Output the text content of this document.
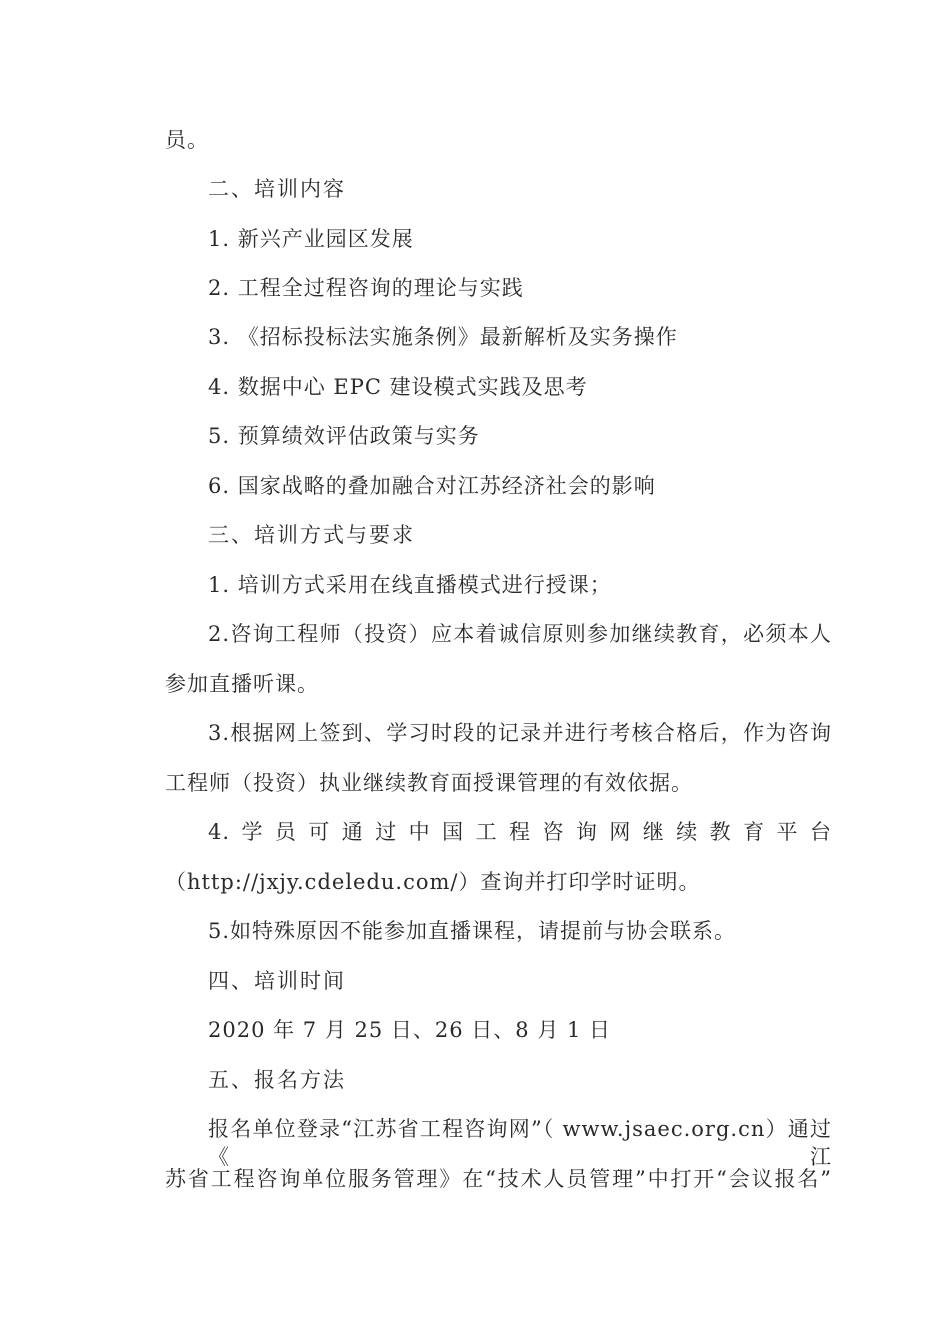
员。

二、培训内容

1. 新兴产业园区发展

2. 工程全过程咨询的理论与实践

3. 《招标投标法实施条例》最新解析及实务操作

4. 数据中心 EPC 建设模式实践及思考

5. 预算绩效评估政策与实务

6. 国家战略的叠加融合对江苏经济社会的影响

三、培训方式与要求

1. 培训方式采用在线直播模式进行授课；

2.咨询工程师（投资）应本着诚信原则参加继续教育，必须本人

参加直播听课。

3.根据网上签到、学习时段的记录并进行考核合格后，作为咨询

工程师（投资）执业继续教育面授课管理的有效依据。

4.学员可通过中国工程咨询网继续教育平台

（http://jxjy.cdeledu.com/）查询并打印学时证明。

5.如特殊原因不能参加直播课程，请提前与协会联系。

四、培训时间

2020 年 7 月 25 日、26 日、8 月 1 日

五、报名方法

报名单位登录“江苏省工程咨询网”（ www.jsaec.org.cn）通过《江

苏省工程咨询单位服务管理》在“技术人员管理”中打开“会议报名”
